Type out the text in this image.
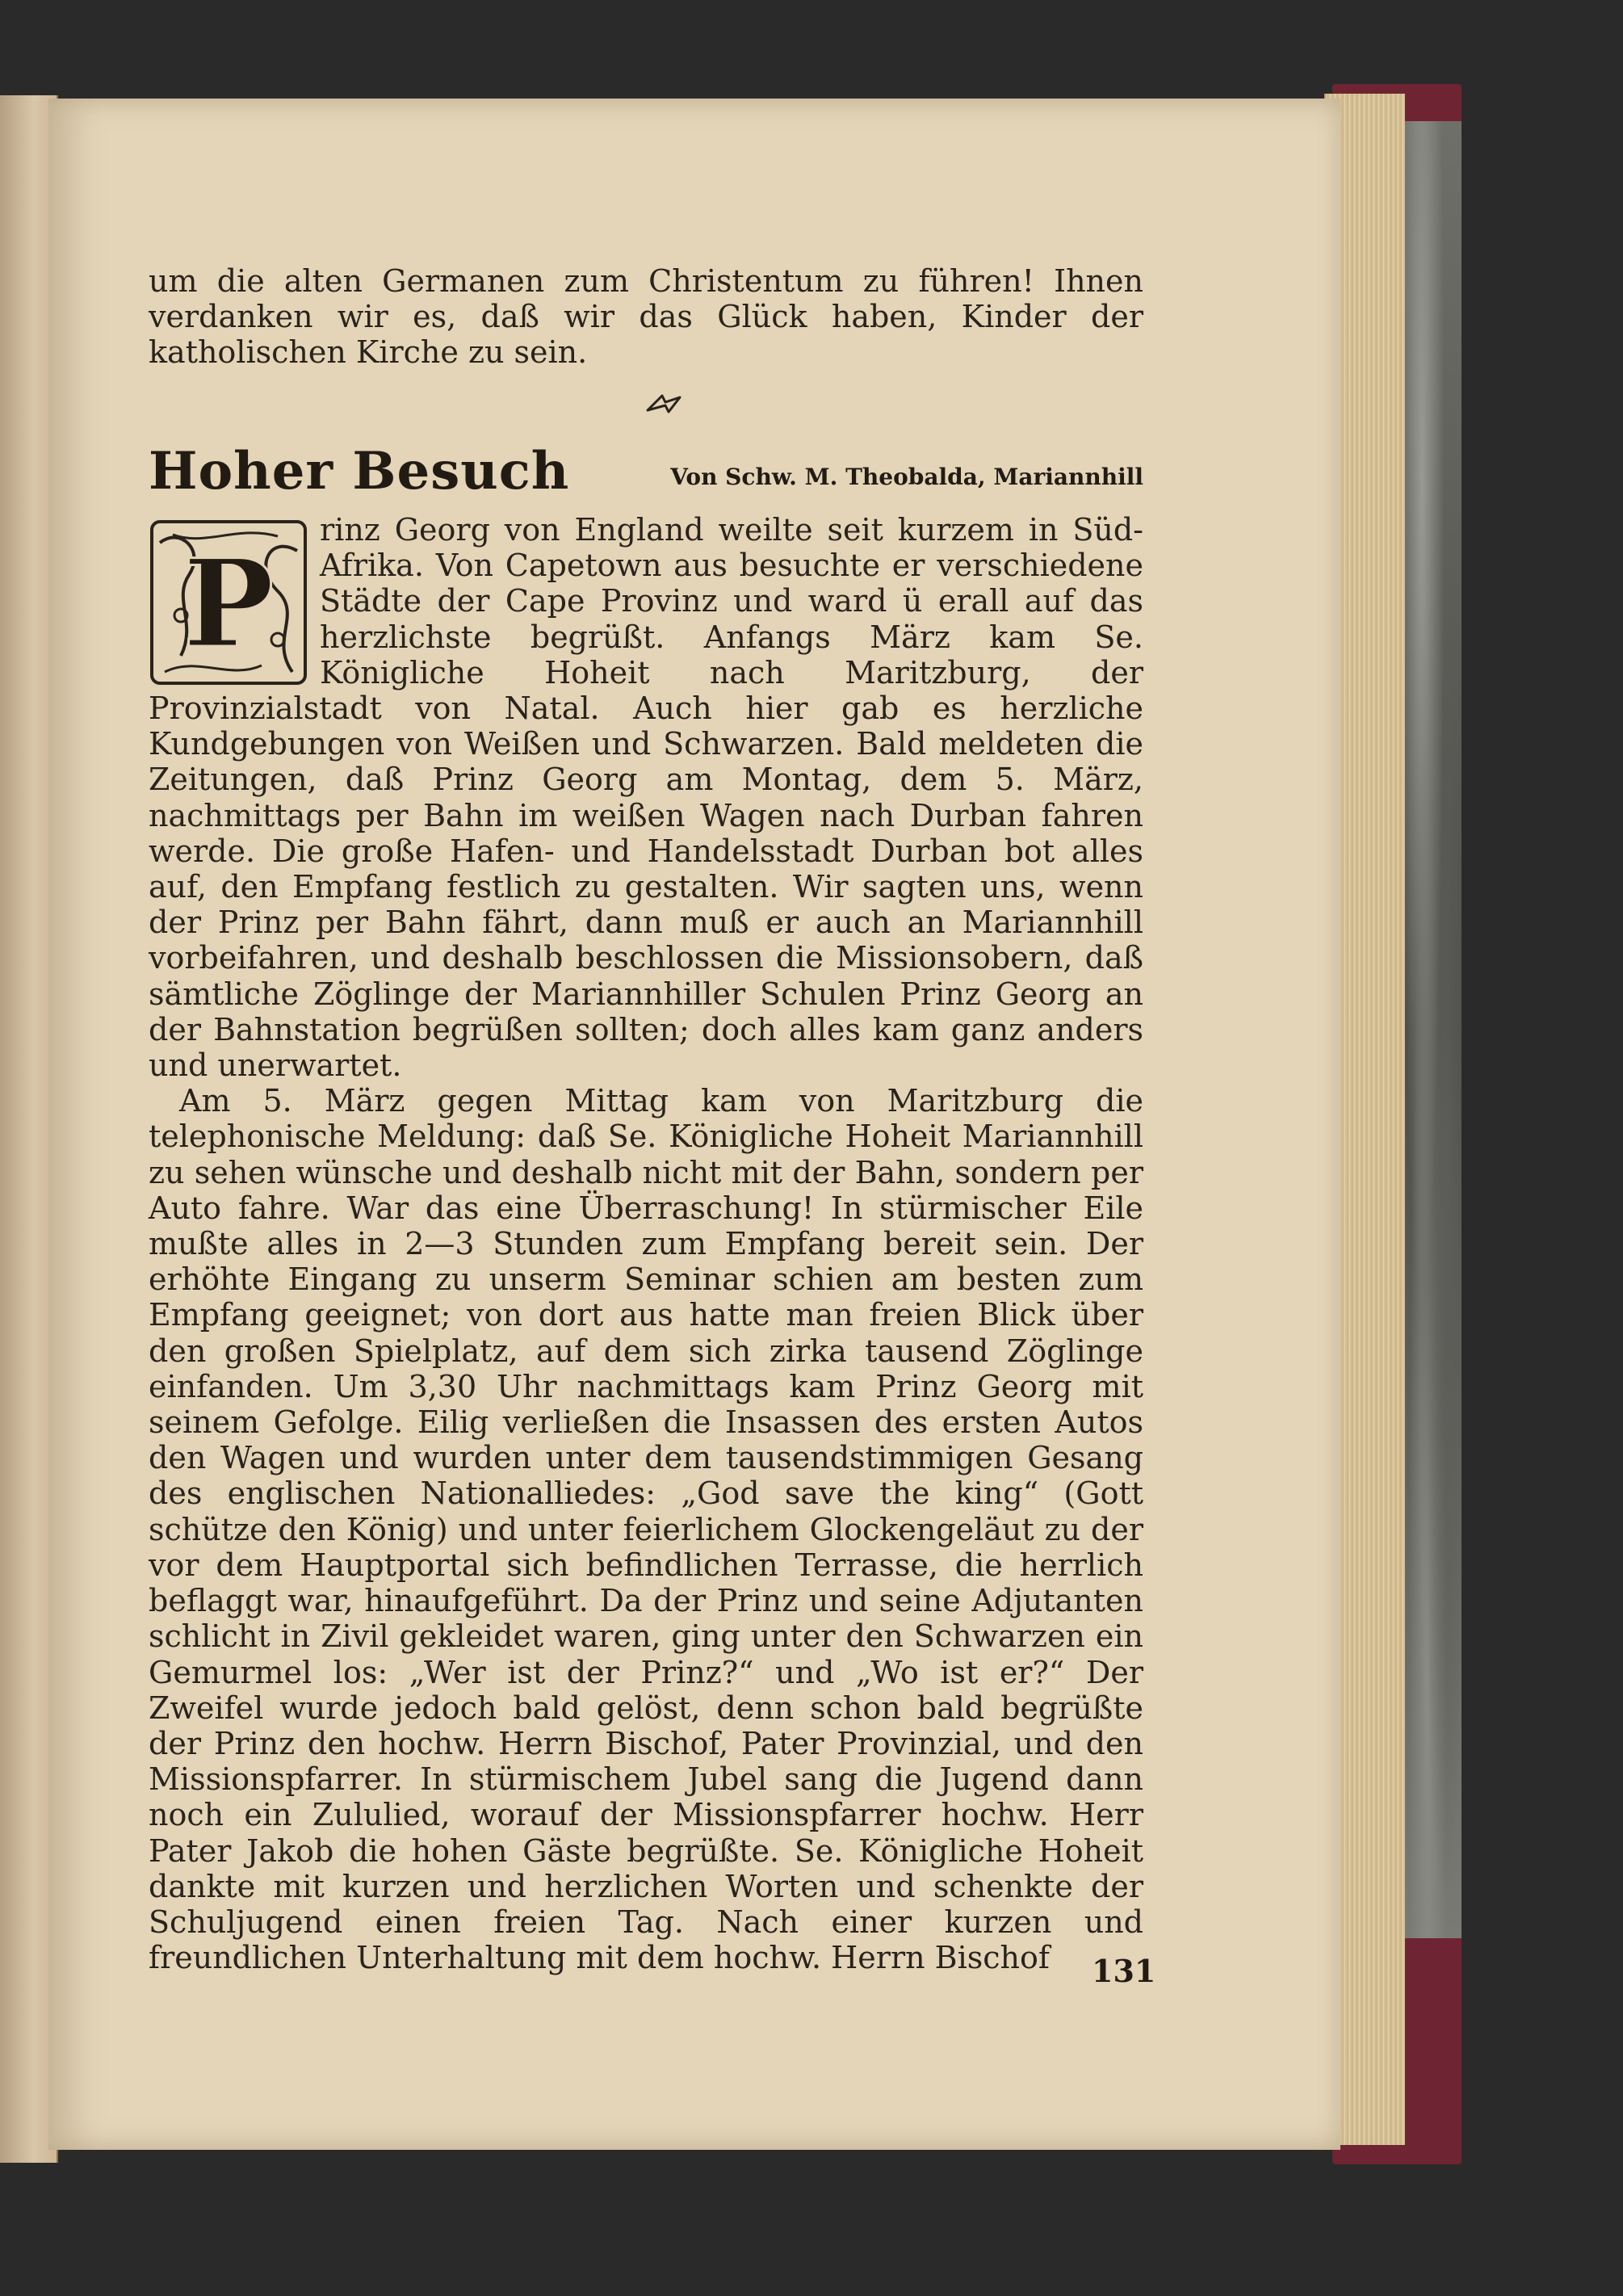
um die alten Germanen zum Christentum zu führen! Ihnen verdanken wir es, daß wir das Glück haben, Kinder der katholischen Kirche zu sein.

Hoher Besuch	Von Schw. M. Theobalda, Mariannhill
P

rinz Georg von England weilte seit kurzem in Süd-Afrika. Von Capetown aus besuchte er verschiedene Städte der Cape Provinz und ward ü erall auf das herzlichste begrüßt. Anfangs März kam Se. Königliche Hoheit nach Maritzburg, der Provinzialstadt von Natal. Auch hier gab es herzliche Kundgebungen von Weißen und Schwarzen. Bald meldeten die Zeitungen, daß Prinz Georg am Montag, dem 5. März, nachmittags per Bahn im weißen Wagen nach Durban fahren werde. Die große Hafen- und Handelsstadt Durban bot alles auf, den Empfang festlich zu gestalten. Wir sagten uns, wenn der Prinz per Bahn fährt, dann muß er auch an Mariannhill vorbeifahren, und deshalb beschlossen die Missionsobern, daß sämtliche Zöglinge der Mariannhiller Schulen Prinz Georg an der Bahnstation begrüßen sollten; doch alles kam ganz anders und unerwartet.

Am 5. März gegen Mittag kam von Maritzburg die telephonische Meldung: daß Se. Königliche Hoheit Mariannhill zu sehen wünsche und deshalb nicht mit der Bahn, sondern per Auto fahre. War das eine Überraschung! In stürmischer Eile mußte alles in 2—3 Stunden zum Empfang bereit sein. Der erhöhte Eingang zu unserm Seminar schien am besten zum Empfang geeignet; von dort aus hatte man freien Blick über den großen Spielplatz, auf dem sich zirka tausend Zöglinge einfanden. Um 3,30 Uhr nachmittags kam Prinz Georg mit seinem Gefolge. Eilig verließen die Insassen des ersten Autos den Wagen und wurden unter dem tausendstimmigen Gesang des englischen Nationalliedes: „God save the king“ (Gott schütze den König) und unter feierlichem Glockengeläut zu der vor dem Hauptportal sich befindlichen Terrasse, die herrlich beflaggt war, hinaufgeführt. Da der Prinz und seine Adjutanten schlicht in Zivil gekleidet waren, ging unter den Schwarzen ein Gemurmel los: „Wer ist der Prinz?“ und „Wo ist er?“ Der Zweifel wurde jedoch bald gelöst, denn schon bald begrüßte der Prinz den hochw. Herrn Bischof, Pater Provinzial, und den Missionspfarrer. In stürmischem Jubel sang die Jugend dann noch ein Zululied, worauf der Missionspfarrer hochw. Herr Pater Jakob die hohen Gäste begrüßte. Se. Königliche Hoheit dankte mit kurzen und herzlichen Worten und schenkte der Schuljugend einen freien Tag. Nach einer kurzen und freundlichen Unterhaltung mit dem hochw. Herrn Bischof	131
